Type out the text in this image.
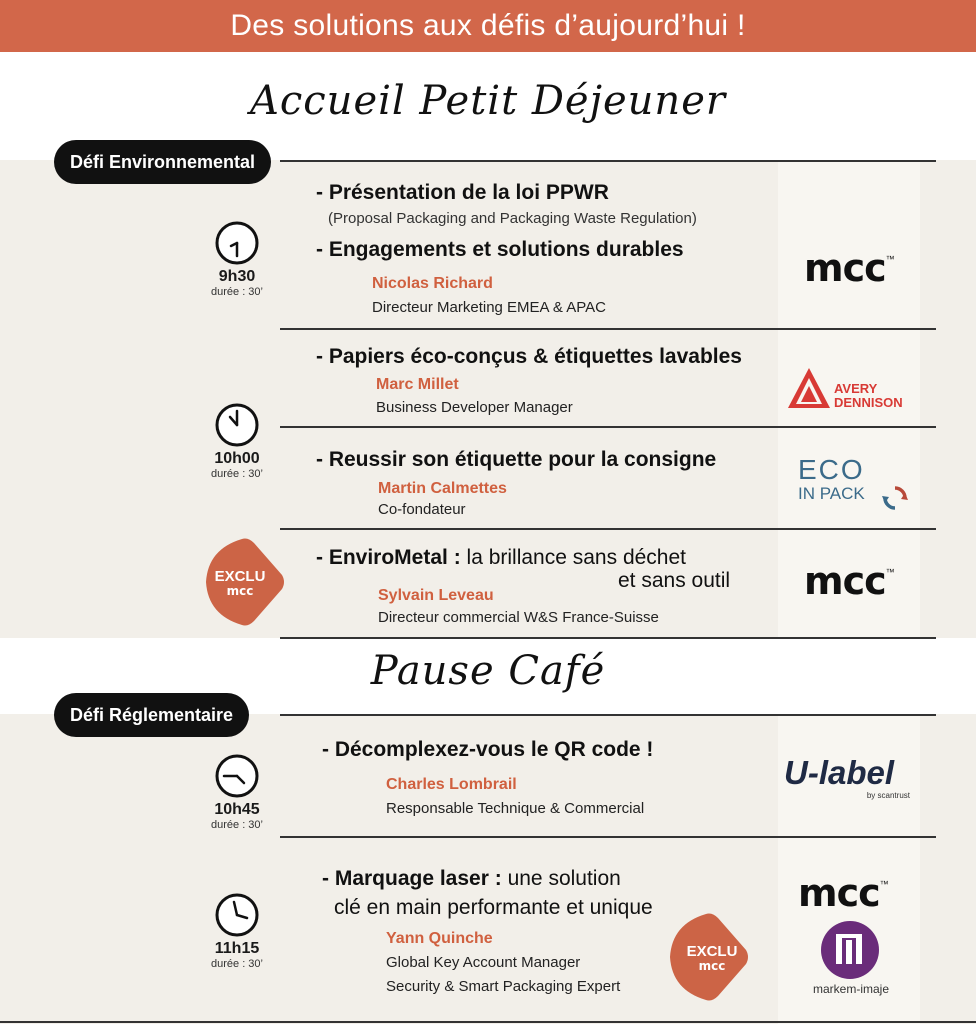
Des solutions aux défis d’aujourd’hui !
Accueil Petit Déjeuner
Défi Environnemental
9h30
durée : 30’
- Présentation de la loi PPWR
(Proposal Packaging and Packaging Waste Regulation)
- Engagements et solutions durables
Nicolas Richard
Directeur Marketing EMEA & APAC
mcc™
10h00
durée : 30’
- Papiers éco-conçus & étiquettes lavables
Marc Millet
Business Developer Manager
AVERY
DENNISON
- Reussir son étiquette pour la consigne
Martin Calmettes
Co-fondateur
ECO
IN PACK
EXCLU
mcc
- EnviroMetal : la brillance sans déchet
et sans outil
Sylvain Leveau
Directeur commercial W&S France-Suisse
mcc™
Pause Café
Défi Réglementaire
10h45
durée : 30’
- Décomplexez-vous le QR code !
Charles Lombrail
Responsable Technique & Commercial
U-label
by scantrust
11h15
durée : 30’
- Marquage laser : une solution
clé en main performante et unique
Yann Quinche
Global Key Account Manager
Security & Smart Packaging Expert
EXCLU
mcc
mcc™
markem-imaje
